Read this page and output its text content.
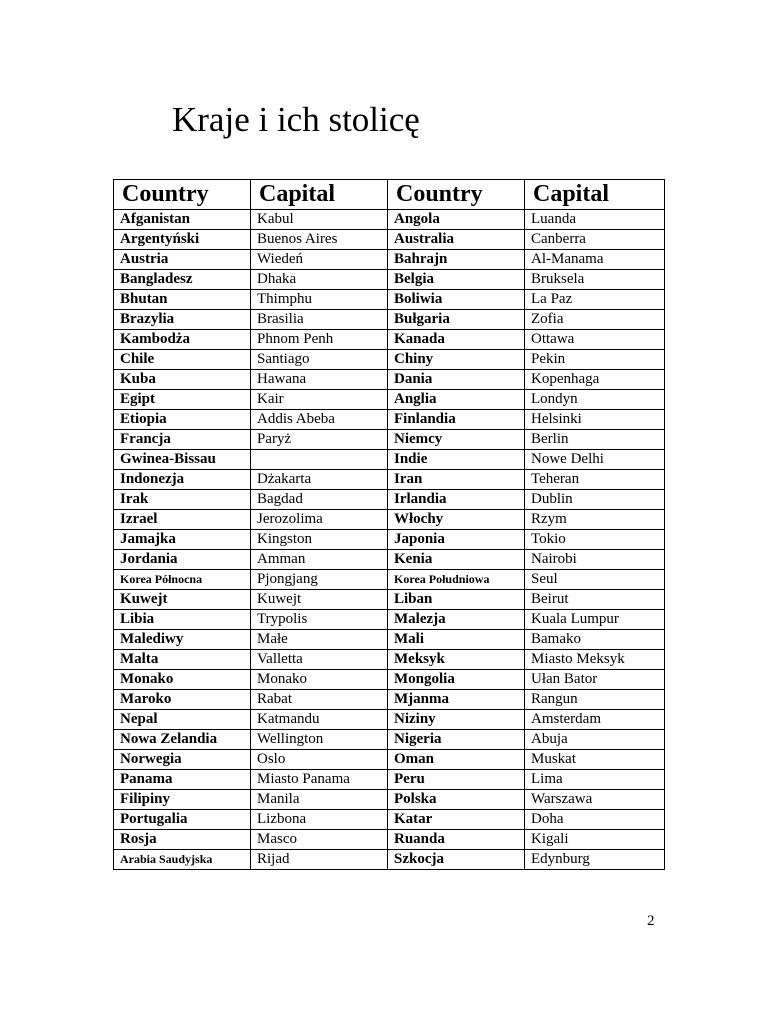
Kraje i ich stolicę
Country	Capital	Country	Capital
Afganistan	Kabul	Angola	Luanda
Argentyński	Buenos Aires	Australia	Canberra
Austria	Wiedeń	Bahrajn	Al-Manama
Bangladesz	Dhaka	Belgia	Bruksela
Bhutan	Thimphu	Boliwia	La Paz
Brazylia	Brasilia	Bułgaria	Zofia
Kambodża	Phnom Penh	Kanada	Ottawa
Chile	Santiago	Chiny	Pekin
Kuba	Hawana	Dania	Kopenhaga
Egipt	Kair	Anglia	Londyn
Etiopia	Addis Abeba	Finlandia	Helsinki
Francja	Paryż	Niemcy	Berlin
Gwinea-Bissau		Indie	Nowe Delhi
Indonezja	Dżakarta	Iran	Teheran
Irak	Bagdad	Irlandia	Dublin
Izrael	Jerozolima	Włochy	Rzym
Jamajka	Kingston	Japonia	Tokio
Jordania	Amman	Kenia	Nairobi
Korea Północna	Pjongjang	Korea Południowa	Seul
Kuwejt	Kuwejt	Liban	Beirut
Libia	Trypolis	Malezja	Kuala Lumpur
Malediwy	Małe	Mali	Bamako
Malta	Valletta	Meksyk	Miasto Meksyk
Monako	Monako	Mongolia	Ułan Bator
Maroko	Rabat	Mjanma	Rangun
Nepal	Katmandu	Niziny	Amsterdam
Nowa Zelandia	Wellington	Nigeria	Abuja
Norwegia	Oslo	Oman	Muskat
Panama	Miasto Panama	Peru	Lima
Filipiny	Manila	Polska	Warszawa
Portugalia	Lizbona	Katar	Doha
Rosja	Masco	Ruanda	Kigali
Arabia Saudyjska	Rijad	Szkocja	Edynburg
2
